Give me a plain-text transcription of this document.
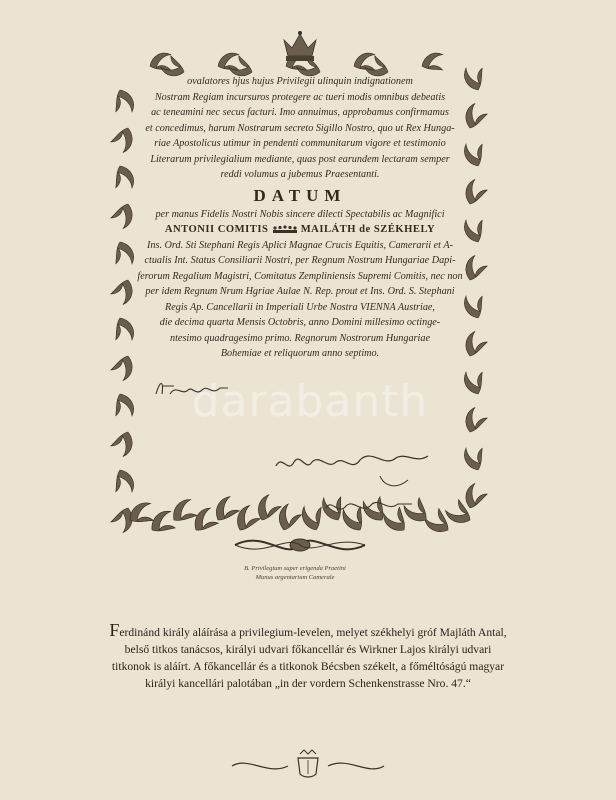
ovalatores hjus hujus Privilegii ulinquin indignationem
Nostram Regiam incursuros protegere ac tueri modis omnibus debeatis
ac teneamini nec secus facturi. Imo annuimus, approbamus confirmamus
et concedimus, harum Nostrarum secreto Sigillo Nostro, quo ut Rex Hunga-
riae Apostolicus utimur in pendenti communitarum vigore et testimonio
Literarum privilegialium mediante, quas post earundem lectaram semper
reddi volumus a jubemus Praesentanti.
DATUM
per manus Fidelis Nostri Nobis sincere dilecti Spectabilis ac Magnifici
ANTONII COMITIS	MAILÁTH de SZÉKHELY
Ins. Ord. Sti Stephani Regis Aplici Magnae Crucis Equitis, Camerarii et A-
ctualis Int. Status Consiliarii Nostri, per Regnum Nostrum Hungariae Dapi-
ferorum Regalium Magistri, Comitatus Zempliniensis Supremi Comitis, nec non
per idem Regnum Nrum Hgriae Aulae N. Rep. prout et Ins. Ord. S. Stephani
Regis Ap. Cancellarii in Imperiali Urbe Nostra VIENNA Austriae,
die decima quarta Mensis Octobris, anno Domini millesimo octinge-
ntesimo quadragesimo primo. Regnorum Nostrorum Hungariae
Bohemiae et reliquorum anno septimo.
darabanth
B. Privilegium super erigenda Praetini
Munus argentarium Camerale
Ferdinánd király aláírása a privilegium-levelen, melyet székhelyi gróf Majláth Antal,
belső titkos tanácsos, királyi udvari főkancellár és Wirkner Lajos királyi udvari
titkonok is aláírt. A főkancellár és a titkonok Bécsben székelt, a főméltóságú magyar
királyi kancellári palotában „in der vordern Schenkenstrasse Nro. 47.“
